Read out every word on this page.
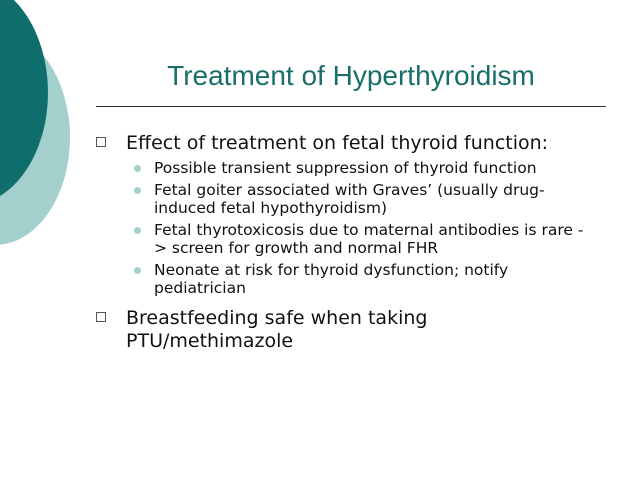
Treatment of Hyperthyroidism
Effect of treatment on fetal thyroid function:
Possible transient suppression of thyroid function
Fetal goiter associated with Graves’ (usually drug-induced fetal hypothyroidism)
Fetal thyrotoxicosis due to maternal antibodies is rare -> screen for growth and normal FHR
Neonate at risk for thyroid dysfunction; notify pediatrician
Breastfeeding safe when taking PTU/methimazole
